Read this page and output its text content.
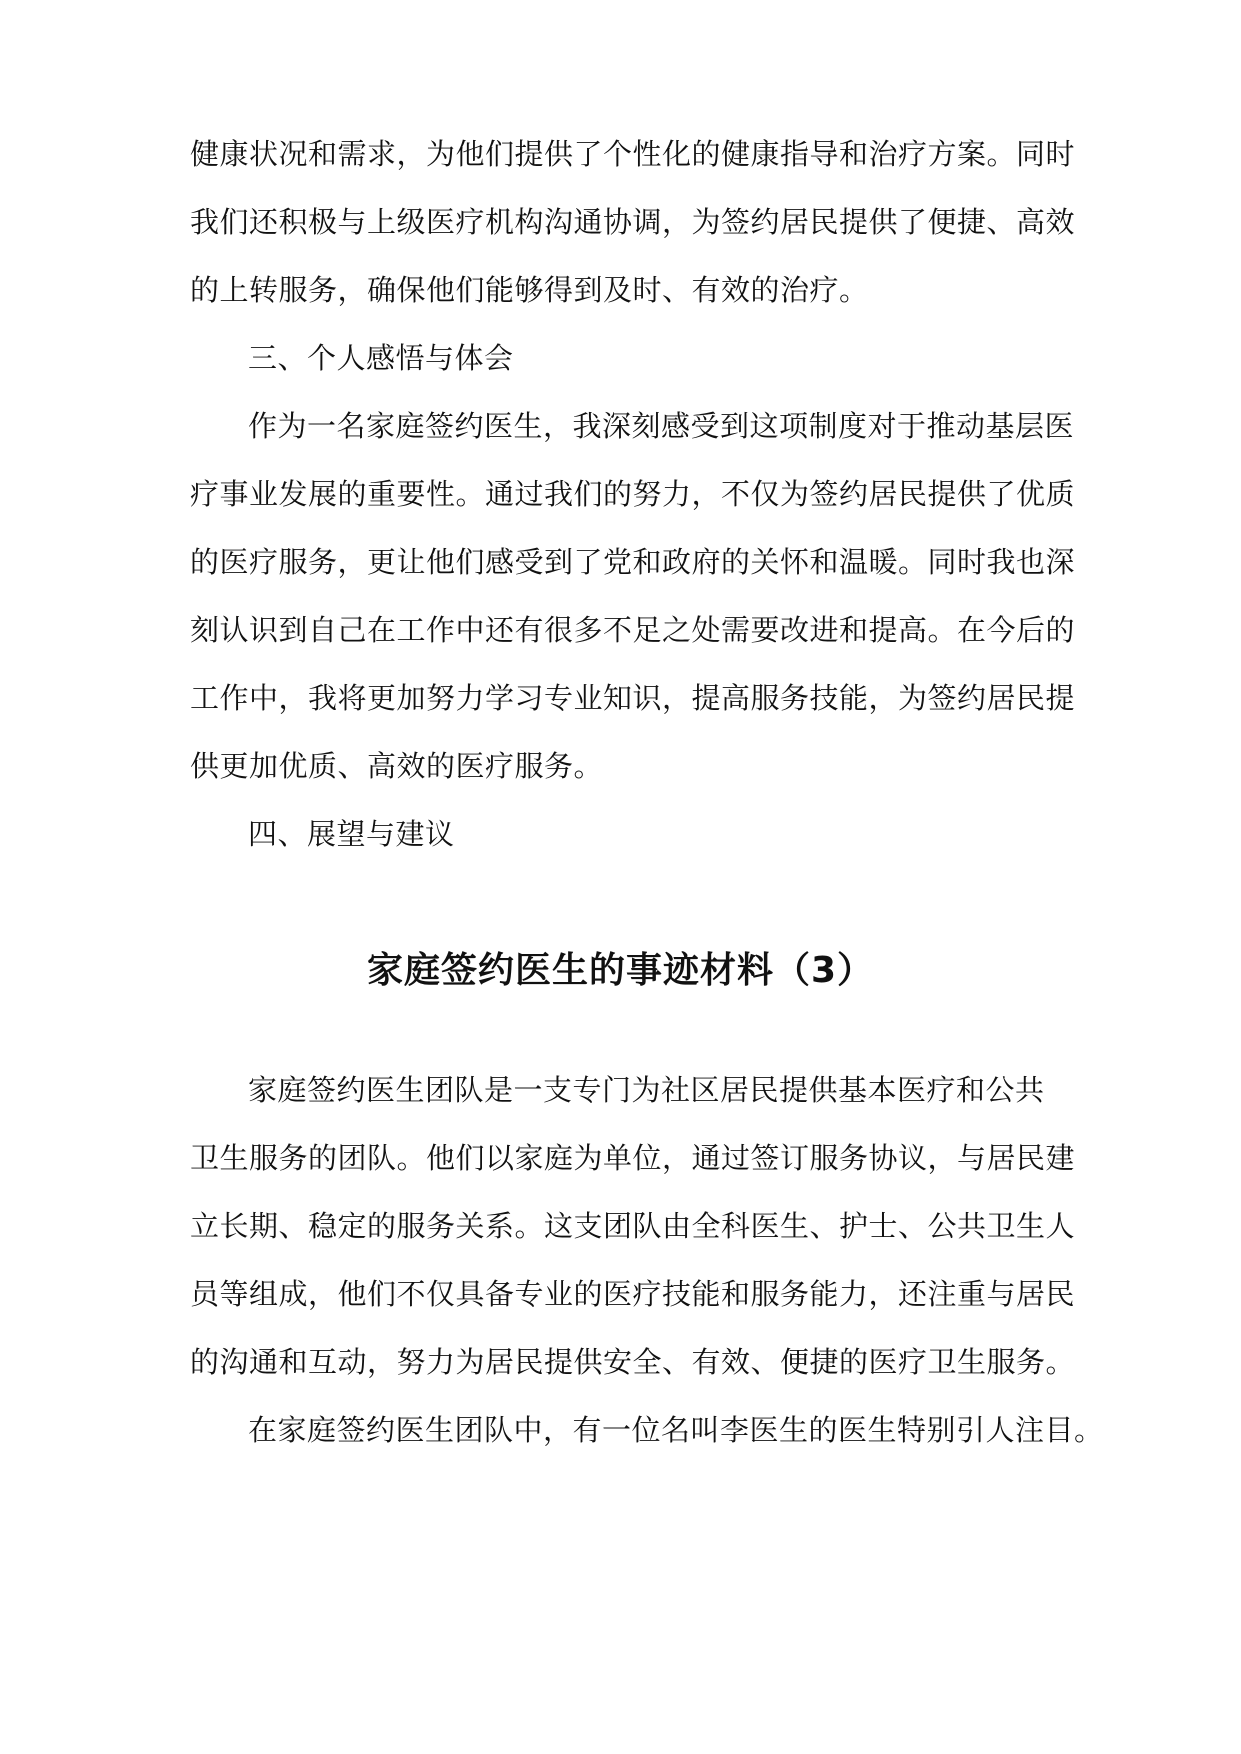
健康状况和需求，为他们提供了个性化的健康指导和治疗方案。同时
我们还积极与上级医疗机构沟通协调，为签约居民提供了便捷、高效
的上转服务，确保他们能够得到及时、有效的治疗。
三、个人感悟与体会
作为一名家庭签约医生，我深刻感受到这项制度对于推动基层医
疗事业发展的重要性。通过我们的努力，不仅为签约居民提供了优质
的医疗服务，更让他们感受到了党和政府的关怀和温暖。同时我也深
刻认识到自己在工作中还有很多不足之处需要改进和提高。在今后的
工作中，我将更加努力学习专业知识，提高服务技能，为签约居民提
供更加优质、高效的医疗服务。
四、展望与建议
家庭签约医生的事迹材料（3）
家庭签约医生团队是一支专门为社区居民提供基本医疗和公共
卫生服务的团队。他们以家庭为单位，通过签订服务协议，与居民建
立长期、稳定的服务关系。这支团队由全科医生、护士、公共卫生人
员等组成，他们不仅具备专业的医疗技能和服务能力，还注重与居民
的沟通和互动，努力为居民提供安全、有效、便捷的医疗卫生服务。
在家庭签约医生团队中，有一位名叫李医生的医生特别引人注目。
